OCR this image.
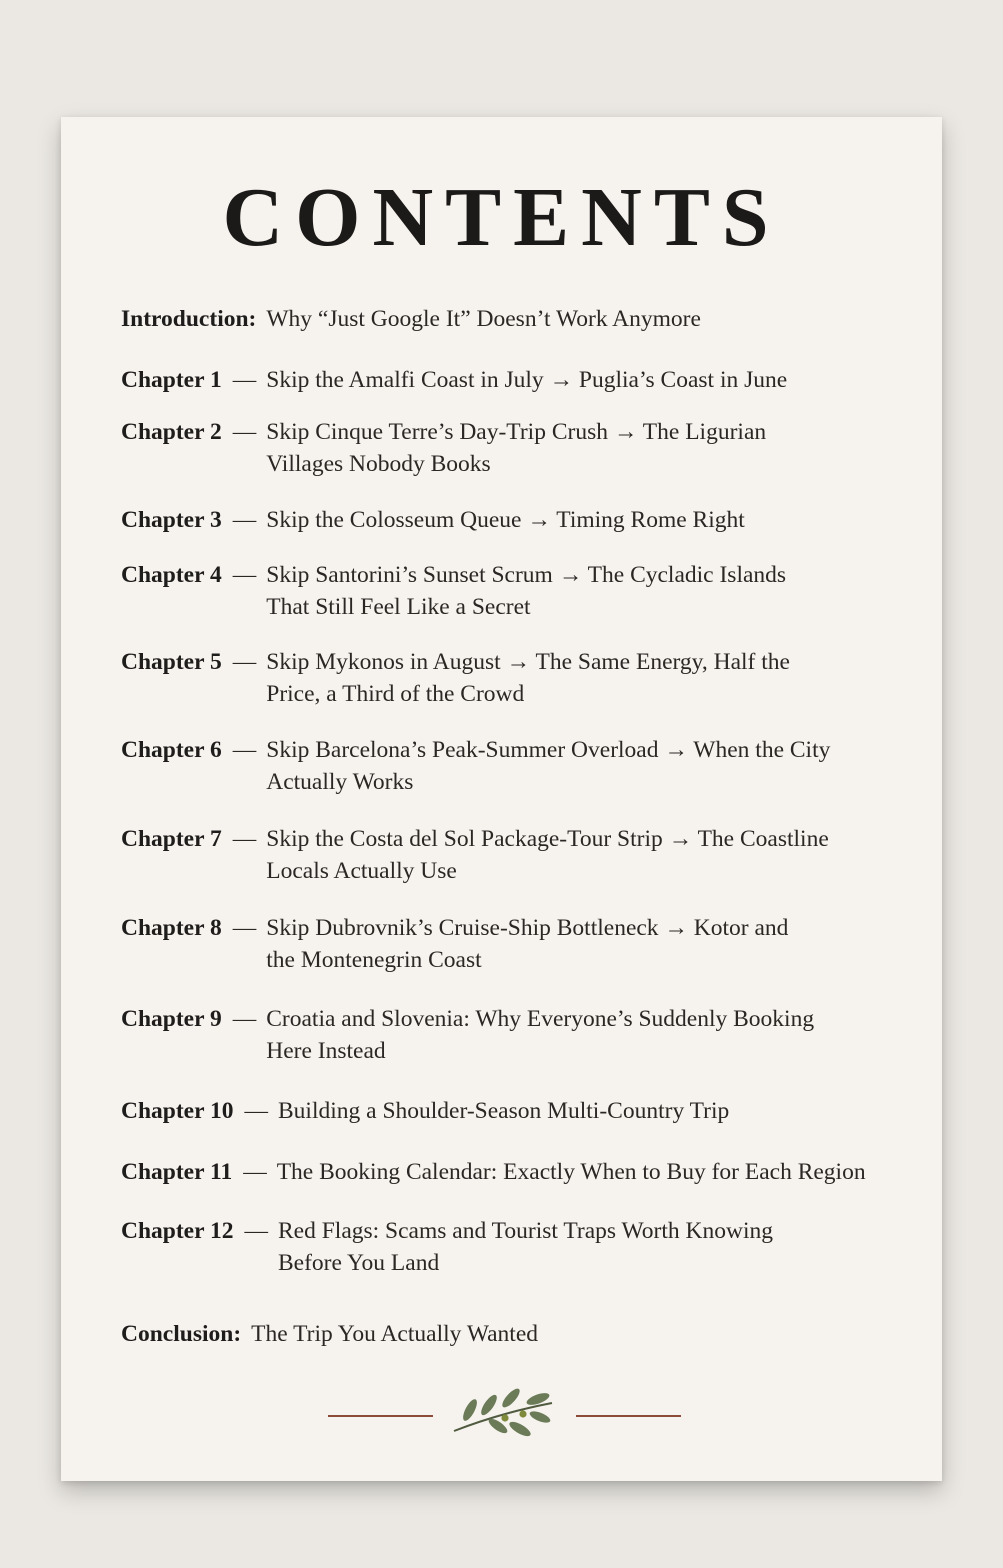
CONTENTS
Introduction: Why “Just Google It” Doesn’t Work Anymore
Chapter 1 — Skip the Amalfi Coast in July → Puglia’s Coast in June
Chapter 2 — Skip Cinque Terre’s Day-Trip Crush → The Ligurian
Villages Nobody Books
Chapter 3 — Skip the Colosseum Queue → Timing Rome Right
Chapter 4 — Skip Santorini’s Sunset Scrum → The Cycladic Islands
That Still Feel Like a Secret
Chapter 5 — Skip Mykonos in August → The Same Energy, Half the
Price, a Third of the Crowd
Chapter 6 — Skip Barcelona’s Peak-Summer Overload → When the City
Actually Works
Chapter 7 — Skip the Costa del Sol Package-Tour Strip → The Coastline
Locals Actually Use
Chapter 8 — Skip Dubrovnik’s Cruise-Ship Bottleneck → Kotor and
the Montenegrin Coast
Chapter 9 — Croatia and Slovenia: Why Everyone’s Suddenly Booking
Here Instead
Chapter 10 — Building a Shoulder-Season Multi-Country Trip
Chapter 11 — The Booking Calendar: Exactly When to Buy for Each Region
Chapter 12 — Red Flags: Scams and Tourist Traps Worth Knowing
Before You Land
Conclusion: The Trip You Actually Wanted
